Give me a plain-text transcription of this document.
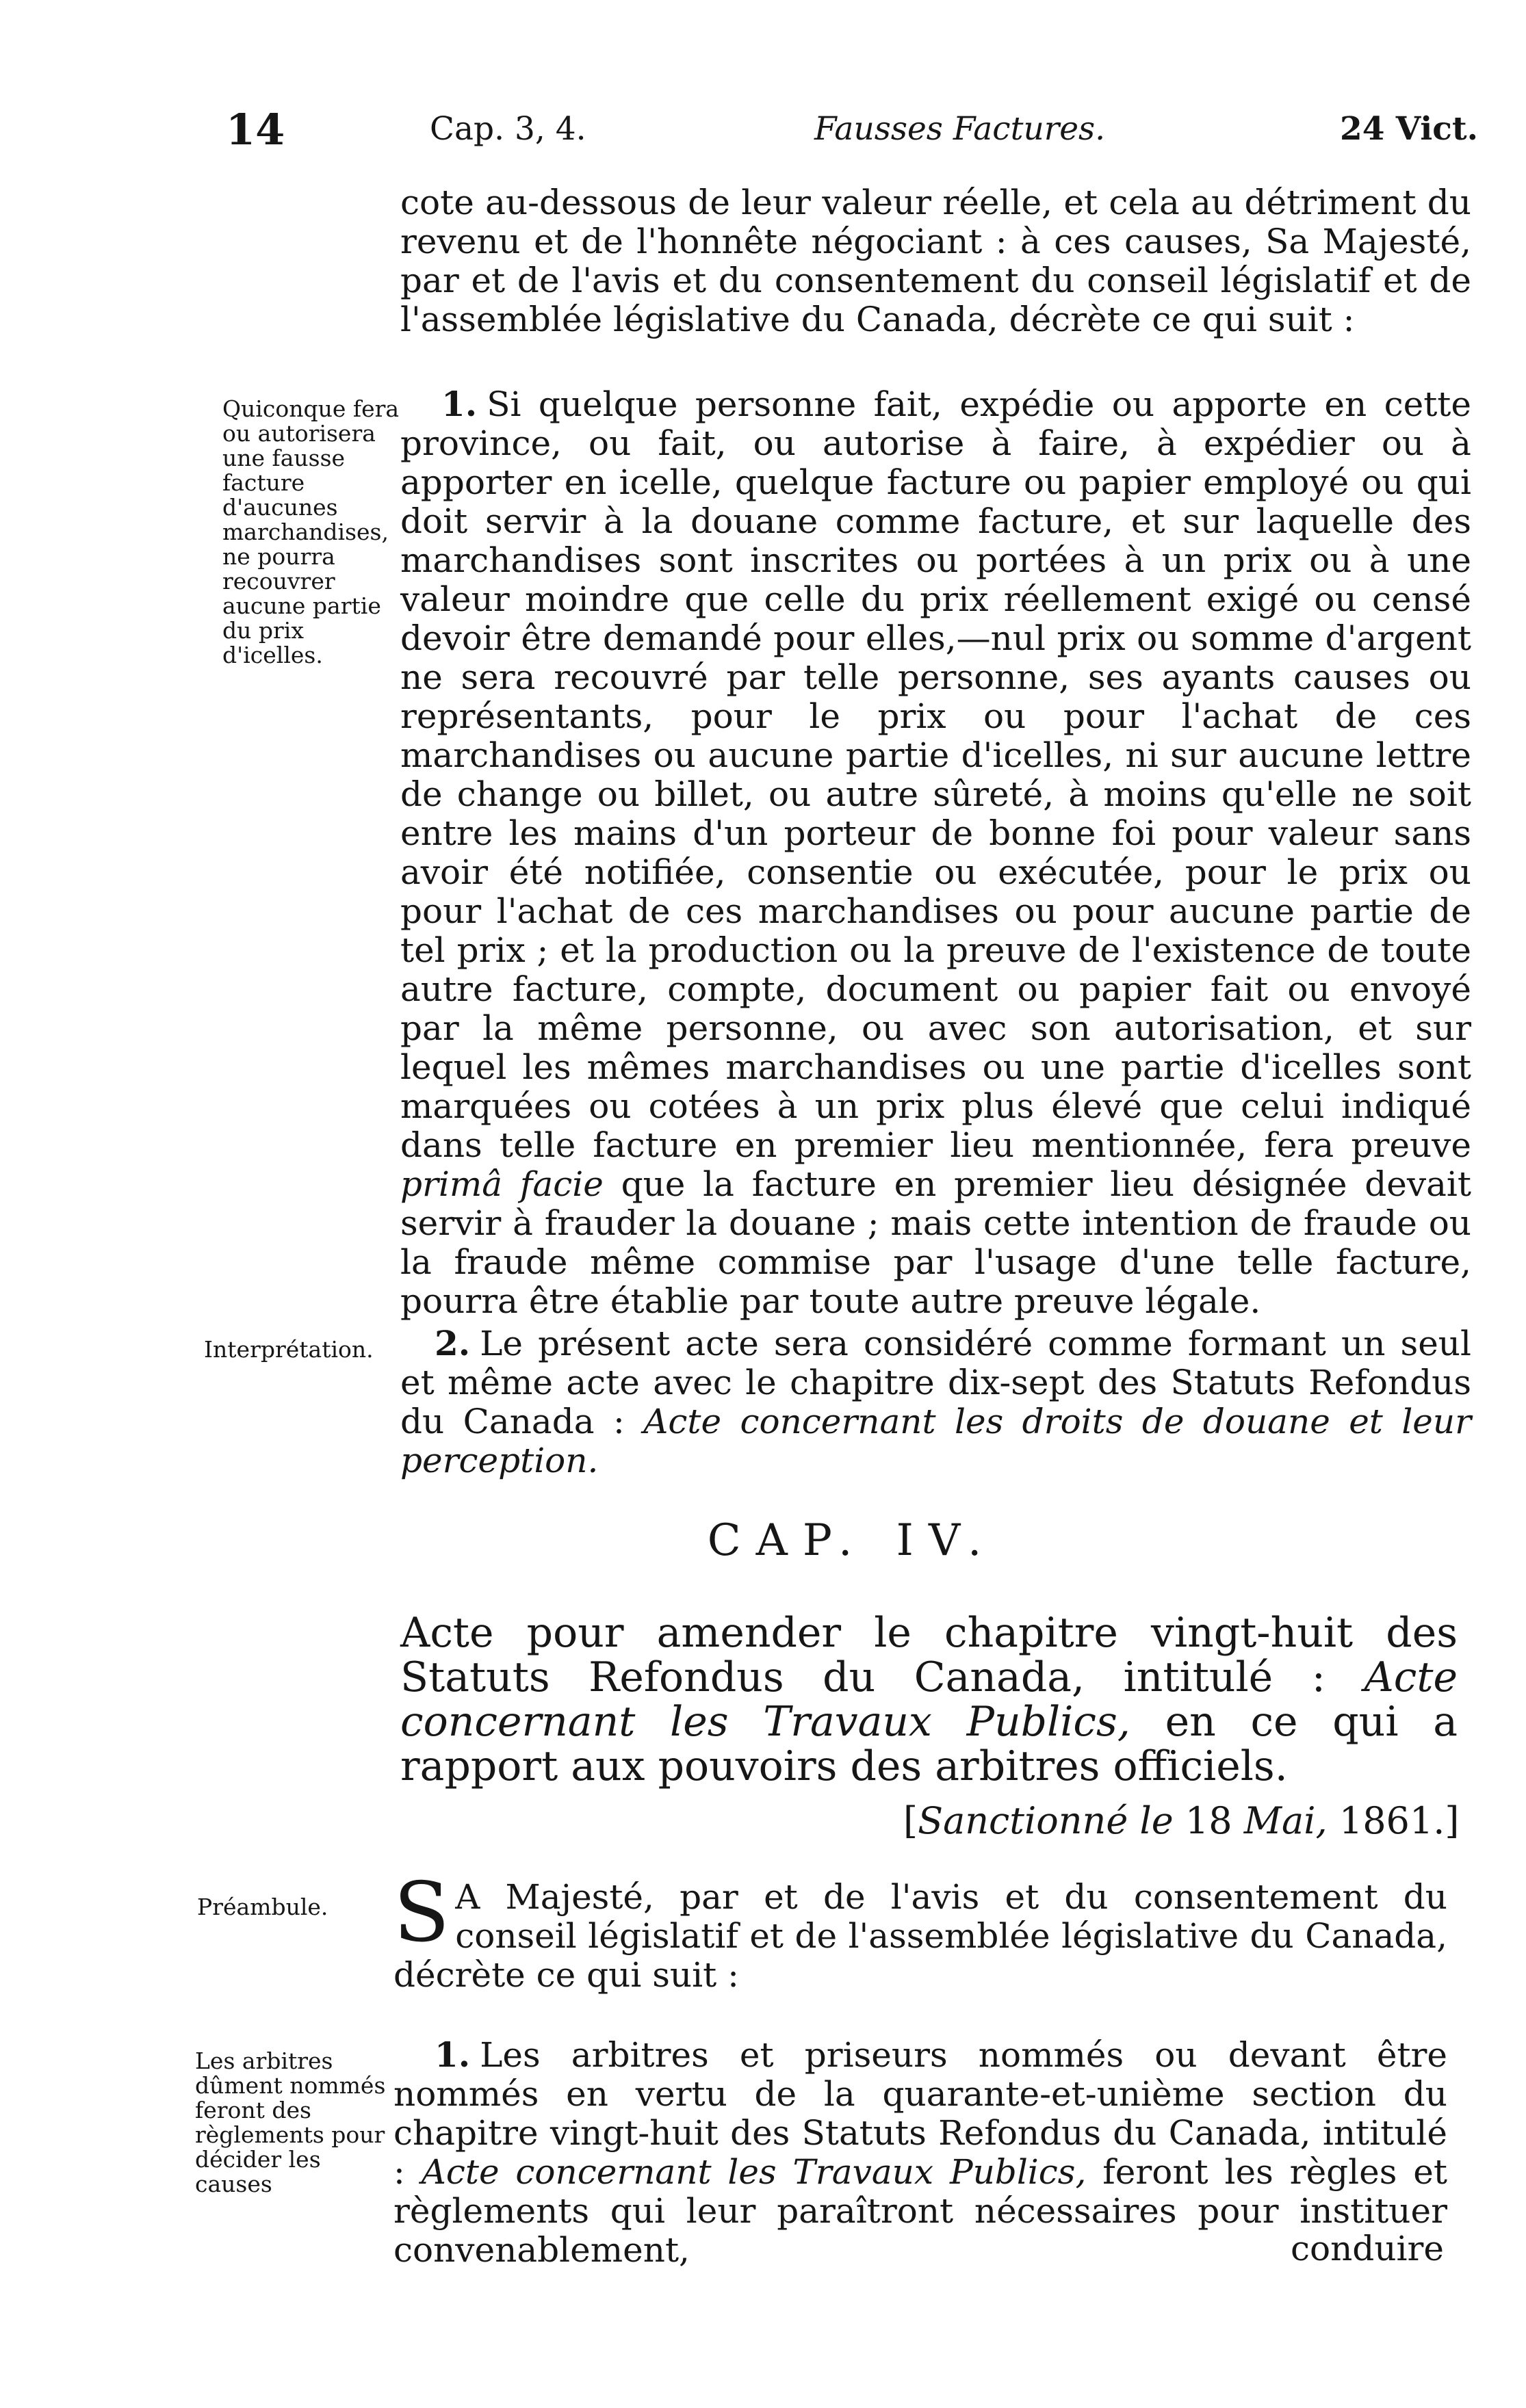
14	Cap. 3, 4.	Fausses Factures.	24 Vict.

cote au-dessous de leur valeur réelle, et cela au détriment du revenu et de l'honnête négociant : à ces causes, Sa Majesté, par et de l'avis et du consentement du conseil législatif et de l'assemblée législative du Canada, décrète ce qui suit :

Quiconque fera ou autorisera une fausse facture d'aucunes marchandises, ne pourra recouvrer aucune partie du prix d'icelles.

1. Si quelque personne fait, expédie ou apporte en cette province, ou fait, ou autorise à faire, à expédier ou à apporter en icelle, quelque facture ou papier employé ou qui doit servir à la douane comme facture, et sur laquelle des marchandises sont inscrites ou portées à un prix ou à une valeur moindre que celle du prix réellement exigé ou censé devoir être demandé pour elles,—nul prix ou somme d'argent ne sera recouvré par telle personne, ses ayants causes ou représentants, pour le prix ou pour l'achat de ces marchandises ou aucune partie d'icelles, ni sur aucune lettre de change ou billet, ou autre sûreté, à moins qu'elle ne soit entre les mains d'un porteur de bonne foi pour valeur sans avoir été notifiée, consentie ou exécutée, pour le prix ou pour l'achat de ces marchandises ou pour aucune partie de tel prix ; et la production ou la preuve de l'existence de toute autre facture, compte, document ou papier fait ou envoyé par la même personne, ou avec son autorisation, et sur lequel les mêmes marchandises ou une partie d'icelles sont marquées ou cotées à un prix plus élevé que celui indiqué dans telle facture en premier lieu mentionnée, fera preuve primâ facie que la facture en premier lieu désignée devait servir à frauder la douane ; mais cette intention de fraude ou la fraude même commise par l'usage d'une telle facture, pourra être établie par toute autre preuve légale.

Interprétation.	2. Le présent acte sera considéré comme formant un seul et même acte avec le chapitre dix-sept des Statuts Refondus du Canada : Acte concernant les droits de douane et leur perception.

CAP. IV.
Acte pour amender le chapitre vingt-huit des Statuts Refondus du Canada, intitulé : Acte concernant les Travaux Publics, en ce qui a rapport aux pouvoirs des arbitres officiels.
[Sanctionné le 18 Mai, 1861.]
Préambule. S A Majesté, par et de l'avis et du consentement du conseil législatif et de l'assemblée législative du Canada, décrète ce qui suit :

Les arbitres dûment nommés feront des règlements pour décider les causes

1. Les arbitres et priseurs nommés ou devant être nommés en vertu de la quarante-et-unième section du chapitre vingt-huit des Statuts Refondus du Canada, intitulé : Acte concernant les Travaux Publics, feront les règles et règlements qui leur paraîtront nécessaires pour instituer convenablement,	conduire
